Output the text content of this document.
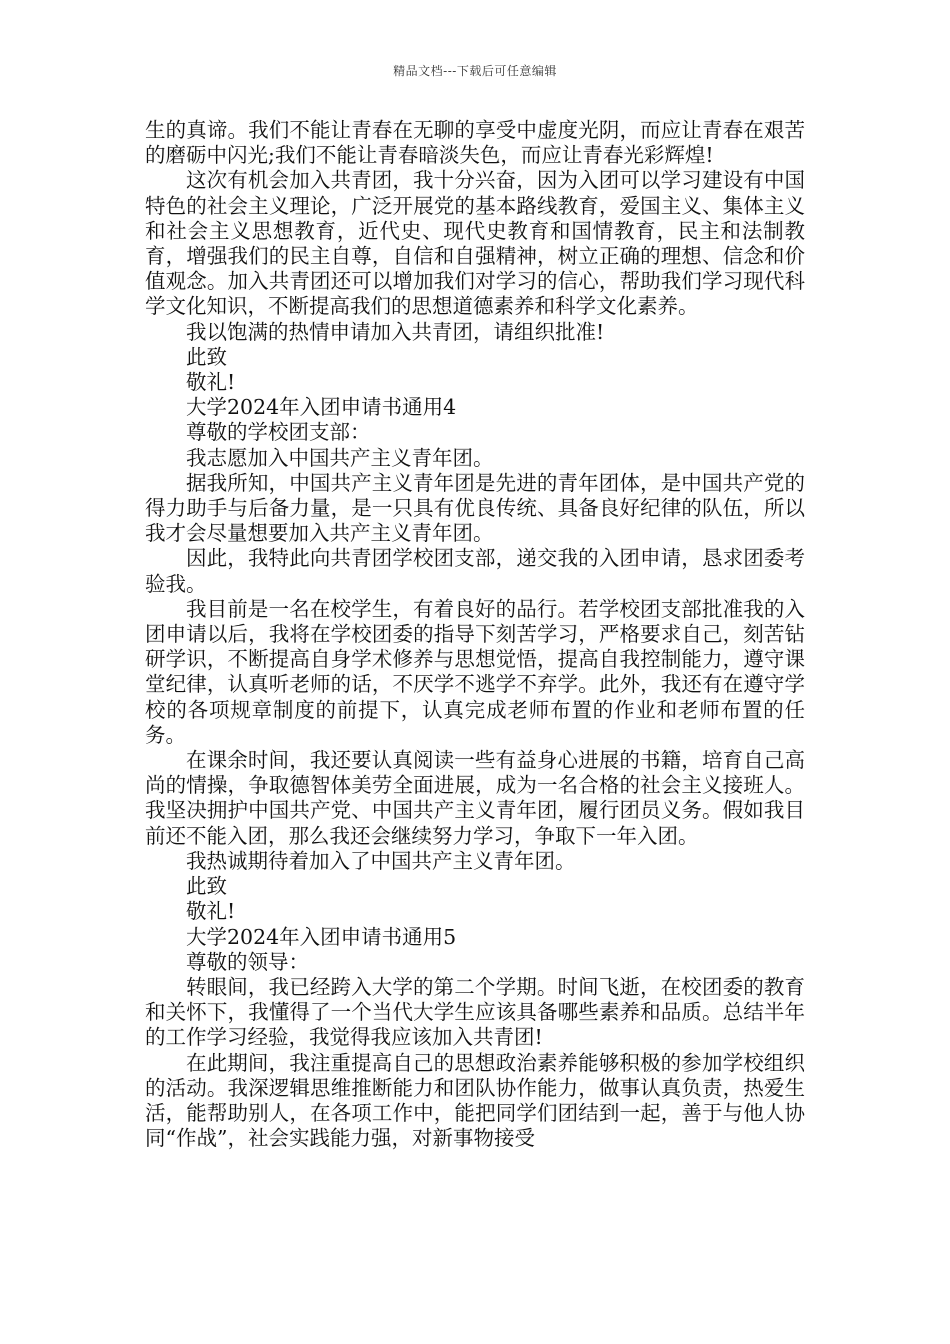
精品文档---下载后可任意编辑

生的真谛。我们不能让青春在无聊的享受中虚度光阴，而应让青春在艰苦的磨砺中闪光;我们不能让青春暗淡失色，而应让青春光彩辉煌!

这次有机会加入共青团，我十分兴奋，因为入团可以学习建设有中国特色的社会主义理论，广泛开展党的基本路线教育，爱国主义、集体主义和社会主义思想教育，近代史、现代史教育和国情教育，民主和法制教育，增强我们的民主自尊，自信和自强精神，树立正确的理想、信念和价值观念。加入共青团还可以增加我们对学习的信心，帮助我们学习现代科学文化知识，不断提高我们的思想道德素养和科学文化素养。

我以饱满的热情申请加入共青团，请组织批准!

此致

敬礼!

大学2024年入团申请书通用4

尊敬的学校团支部：

我志愿加入中国共产主义青年团。

据我所知，中国共产主义青年团是先进的青年团体，是中国共产党的得力助手与后备力量，是一只具有优良传统、具备良好纪律的队伍，所以我才会尽量想要加入共产主义青年团。

因此，我特此向共青团学校团支部，递交我的入团申请，恳求团委考验我。

我目前是一名在校学生，有着良好的品行。若学校团支部批准我的入团申请以后，我将在学校团委的指导下刻苦学习，严格要求自己，刻苦钻研学识，不断提高自身学术修养与思想觉悟，提高自我控制能力，遵守课堂纪律，认真听老师的话，不厌学不逃学不弃学。此外，我还有在遵守学校的各项规章制度的前提下，认真完成老师布置的作业和老师布置的任务。

在课余时间，我还要认真阅读一些有益身心进展的书籍，培育自己高尚的情操，争取德智体美劳全面进展，成为一名合格的社会主义接班人。我坚决拥护中国共产党、中国共产主义青年团，履行团员义务。假如我目前还不能入团，那么我还会继续努力学习，争取下一年入团。

我热诚期待着加入了中国共产主义青年团。

此致

敬礼!

大学2024年入团申请书通用5

尊敬的领导：

转眼间，我已经跨入大学的第二个学期。时间飞逝，在校团委的教育和关怀下，我懂得了一个当代大学生应该具备哪些素养和品质。总结半年的工作学习经验，我觉得我应该加入共青团!

在此期间，我注重提高自己的思想政治素养能够积极的参加学校组织的活动。我深逻辑思维推断能力和团队协作能力，做事认真负责，热爱生活，能帮助别人，在各项工作中，能把同学们团结到一起，善于与他人协同“作战”，社会实践能力强，对新事物接受
